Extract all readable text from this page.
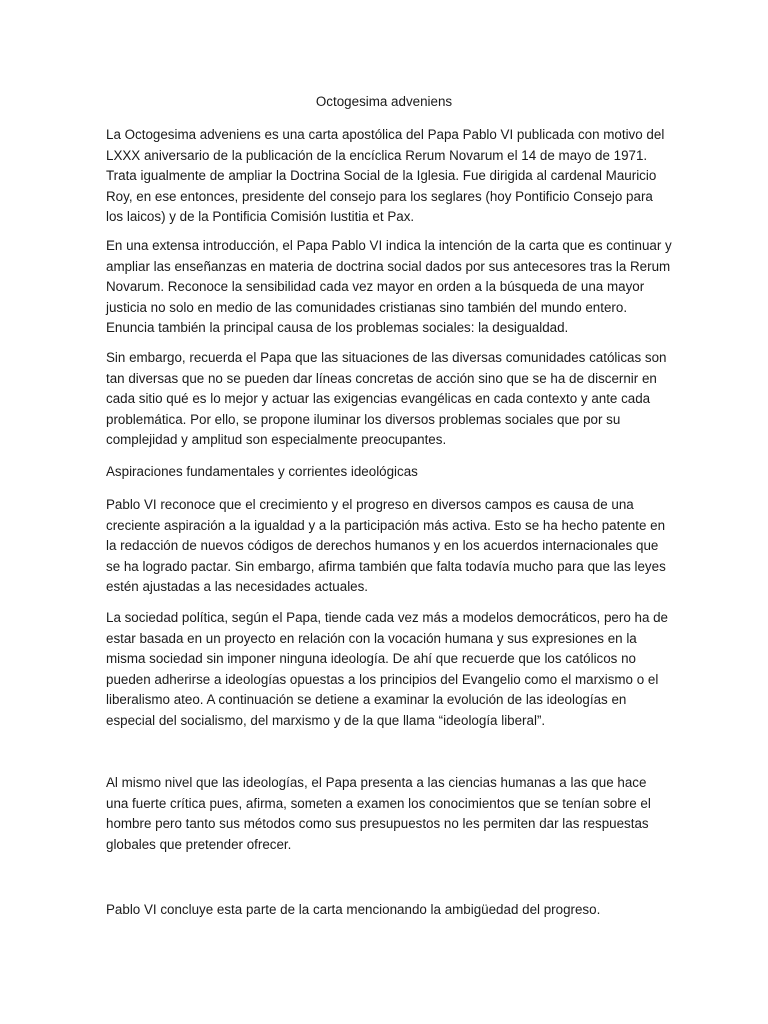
Octogesima adveniens

La Octogesima adveniens es una carta apostólica del Papa Pablo VI publicada con motivo del LXXX aniversario de la publicación de la encíclica Rerum Novarum el 14 de mayo de 1971. Trata igualmente de ampliar la Doctrina Social de la Iglesia. Fue dirigida al cardenal Mauricio Roy, en ese entonces, presidente del consejo para los seglares (hoy Pontificio Consejo para los laicos) y de la Pontificia Comisión Iustitia et Pax.

En una extensa introducción, el Papa Pablo VI indica la intención de la carta que es continuar y ampliar las enseñanzas en materia de doctrina social dados por sus antecesores tras la Rerum Novarum. Reconoce la sensibilidad cada vez mayor en orden a la búsqueda de una mayor justicia no solo en medio de las comunidades cristianas sino también del mundo entero. Enuncia también la principal causa de los problemas sociales: la desigualdad.

Sin embargo, recuerda el Papa que las situaciones de las diversas comunidades católicas son tan diversas que no se pueden dar líneas concretas de acción sino que se ha de discernir en cada sitio qué es lo mejor y actuar las exigencias evangélicas en cada contexto y ante cada problemática. Por ello, se propone iluminar los diversos problemas sociales que por su complejidad y amplitud son especialmente preocupantes.

Aspiraciones fundamentales y corrientes ideológicas

Pablo VI reconoce que el crecimiento y el progreso en diversos campos es causa de una creciente aspiración a la igualdad y a la participación más activa. Esto se ha hecho patente en la redacción de nuevos códigos de derechos humanos y en los acuerdos internacionales que se ha logrado pactar. Sin embargo, afirma también que falta todavía mucho para que las leyes estén ajustadas a las necesidades actuales.

La sociedad política, según el Papa, tiende cada vez más a modelos democráticos, pero ha de estar basada en un proyecto en relación con la vocación humana y sus expresiones en la misma sociedad sin imponer ninguna ideología. De ahí que recuerde que los católicos no pueden adherirse a ideologías opuestas a los principios del Evangelio como el marxismo o el liberalismo ateo. A continuación se detiene a examinar la evolución de las ideologías en especial del socialismo, del marxismo y de la que llama “ideología liberal”.

Al mismo nivel que las ideologías, el Papa presenta a las ciencias humanas a las que hace una fuerte crítica pues, afirma, someten a examen los conocimientos que se tenían sobre el hombre pero tanto sus métodos como sus presupuestos no les permiten dar las respuestas globales que pretender ofrecer.

Pablo VI concluye esta parte de la carta mencionando la ambigüedad del progreso.
